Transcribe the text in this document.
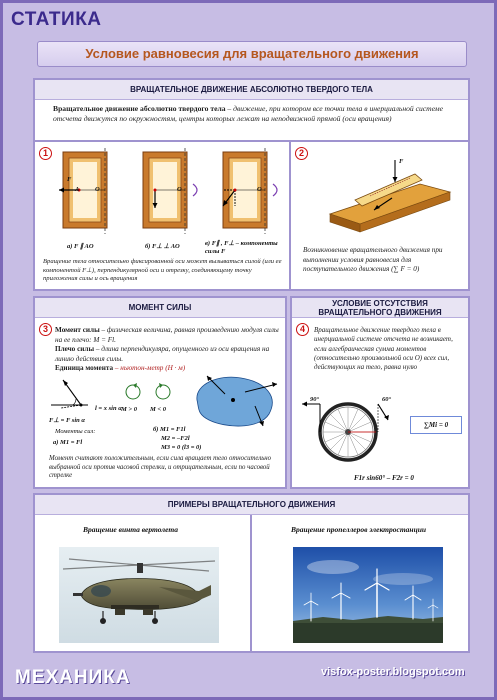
СТАТИКА
Условие равновесия для вращательного движения
ВРАЩАТЕЛЬНОЕ ДВИЖЕНИЕ АБСОЛЮТНО ТВЕРДОГО ТЕЛА
Вращательное движение абсолютно твердого тела – движение, при котором все точки тела в инерциальной системе отсчета движутся по окружностям, центры которых лежат на неподвижной прямой (оси вращения)
1
A O
F
O	O
а) F ∥ AO	б) F⊥ ⊥ AO	в) F∥ , F⊥ – компоненты силы F
Вращение тела относительно фиксированной оси может вызываться силой (или ее компонентой F⊥), перпендикулярной оси и отрезку, соединяющему точку приложения силы и ось вращения
2
F
Возникновение вращательного движения при выполнении условия равновесия для поступательного движения (∑ F = 0)
МОМЕНТ СИЛЫ
3 Момент силы – физическая величина, равная произведению модуля силы на ее плечо: M = Fl.
Плечо силы – длина перпендикуляра, опущенного из оси вращения на линию действия силы.
Единица момента – ньютон-метр (Н · м)
l = x sin α
F⊥ = F sin α
M > 0 M < 0
Моменты сил:
а) M1 = Fl
б) M1 = F1l
M2 = –F2l
M3 = 0 (l3 = 0)
Момент считают положительным, если сила вращает тело относительно выбранной оси против часовой стрелки, и отрицательным, если по часовой стрелке
УСЛОВИЕ ОТСУТСТВИЯ ВРАЩАТЕЛЬНОГО ДВИЖЕНИЯ
4	Вращательное движение твердого тела в инерциальной системе отсчета не возникает, если алгебраическая сумма моментов (относительно произвольной оси O) всех сил, действующих на тело, равна нулю
90°	60°
∑Mi = 0
F1r sin60° – F2r = 0
ПРИМЕРЫ ВРАЩАТЕЛЬНОГО ДВИЖЕНИЯ
Вращение винта вертолета	Вращение пропеллеров электростанции
МЕХАНИКА	visfox-poster.blogspot.com
